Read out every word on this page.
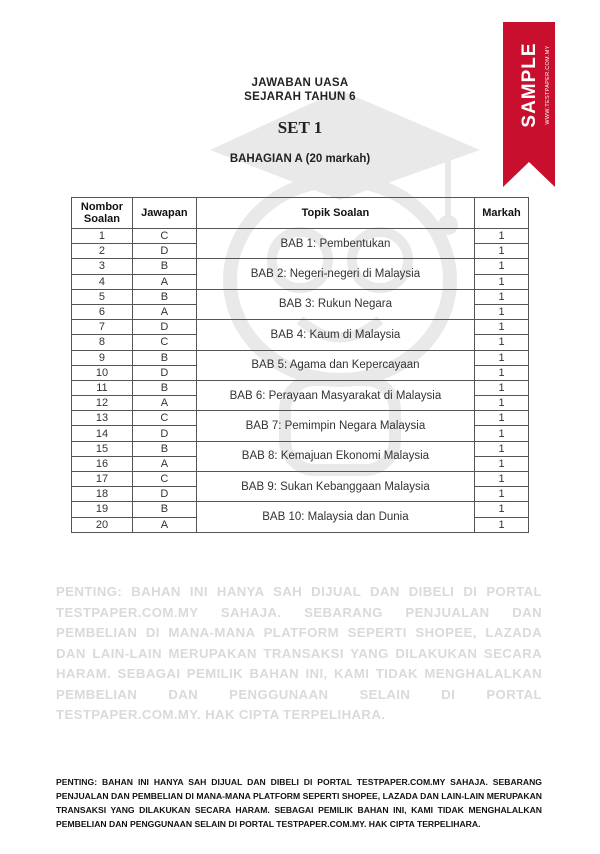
JAWABAN UASA
SEJARAH TAHUN 6
SET 1
BAHAGIAN A (20 markah)
Nombor Soalan	Jawapan	Topik Soalan	Markah
1	C	BAB 1: Pembentukan	1
2	D		1
3	B	BAB 2: Negeri-negeri di Malaysia	1
4	A		1
5	B	BAB 3: Rukun Negara	1
6	A		1
7	D	BAB 4: Kaum di Malaysia	1
8	C		1
9	B	BAB 5: Agama dan Kepercayaan	1
10	D		1
11	B	BAB 6: Perayaan Masyarakat di Malaysia	1
12	A		1
13	C	BAB 7: Pemimpin Negara Malaysia	1
14	D		1
15	B	BAB 8: Kemajuan Ekonomi Malaysia	1
16	A		1
17	C	BAB 9: Sukan Kebanggaan Malaysia	1
18	D		1
19	B	BAB 10: Malaysia dan Dunia	1
20	A		1
PENTING: BAHAN INI HANYA SAH DIJUAL DAN DIBELI DI PORTAL TESTPAPER.COM.MY SAHAJA. SEBARANG PENJUALAN DAN PEMBELIAN DI MANA-MANA PLATFORM SEPERTI SHOPEE, LAZADA DAN LAIN-LAIN MERUPAKAN TRANSAKSI YANG DILAKUKAN SECARA HARAM. SEBAGAI PEMILIK BAHAN INI, KAMI TIDAK MENGHALALKAN PEMBELIAN DAN PENGGUNAAN SELAIN DI PORTAL TESTPAPER.COM.MY. HAK CIPTA TERPELIHARA.
PENTING: BAHAN INI HANYA SAH DIJUAL DAN DIBELI DI PORTAL TESTPAPER.COM.MY SAHAJA. SEBARANG PENJUALAN DAN PEMBELIAN DI MANA-MANA PLATFORM SEPERTI SHOPEE, LAZADA DAN LAIN-LAIN MERUPAKAN TRANSAKSI YANG DILAKUKAN SECARA HARAM. SEBAGAI PEMILIK BAHAN INI, KAMI TIDAK MENGHALALKAN PEMBELIAN DAN PENGGUNAAN SELAIN DI PORTAL TESTPAPER.COM.MY. HAK CIPTA TERPELIHARA.
SAMPLE WWW.TESTPAPER.COM.MY
